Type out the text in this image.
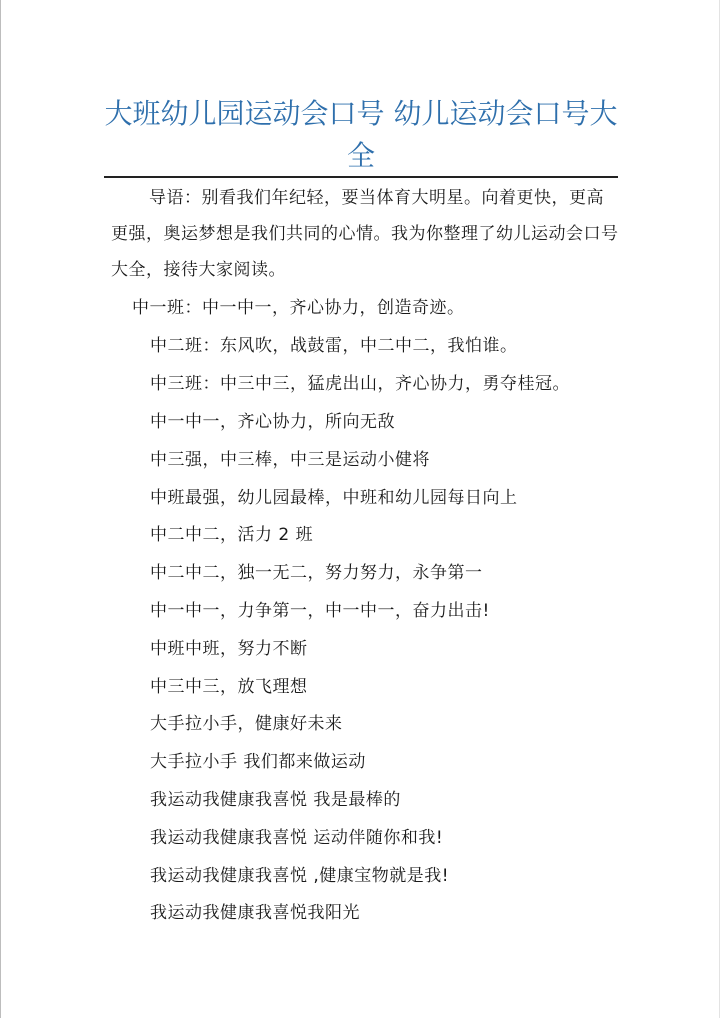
大班幼儿园运动会口号 幼儿运动会口号大全

导语：别看我们年纪轻，要当体育大明星。向着更快，更高更强，奥运梦想是我们共同的心情。我为你整理了幼儿运动会口号大全，接待大家阅读。

中一班：中一中一，齐心协力，创造奇迹。

中二班：东风吹，战鼓雷，中二中二，我怕谁。

中三班：中三中三，猛虎出山，齐心协力，勇夺桂冠。

中一中一，齐心协力，所向无敌

中三强，中三棒，中三是运动小健将

中班最强，幼儿园最棒，中班和幼儿园每日向上

中二中二，活力 2 班

中二中二，独一无二，努力努力，永争第一

中一中一，力争第一，中一中一，奋力出击!

中班中班，努力不断

中三中三，放飞理想

大手拉小手，健康好未来

大手拉小手 我们都来做运动

我运动我健康我喜悦 我是最棒的

我运动我健康我喜悦 运动伴随你和我!

我运动我健康我喜悦 ,健康宝物就是我!

我运动我健康我喜悦我阳光
